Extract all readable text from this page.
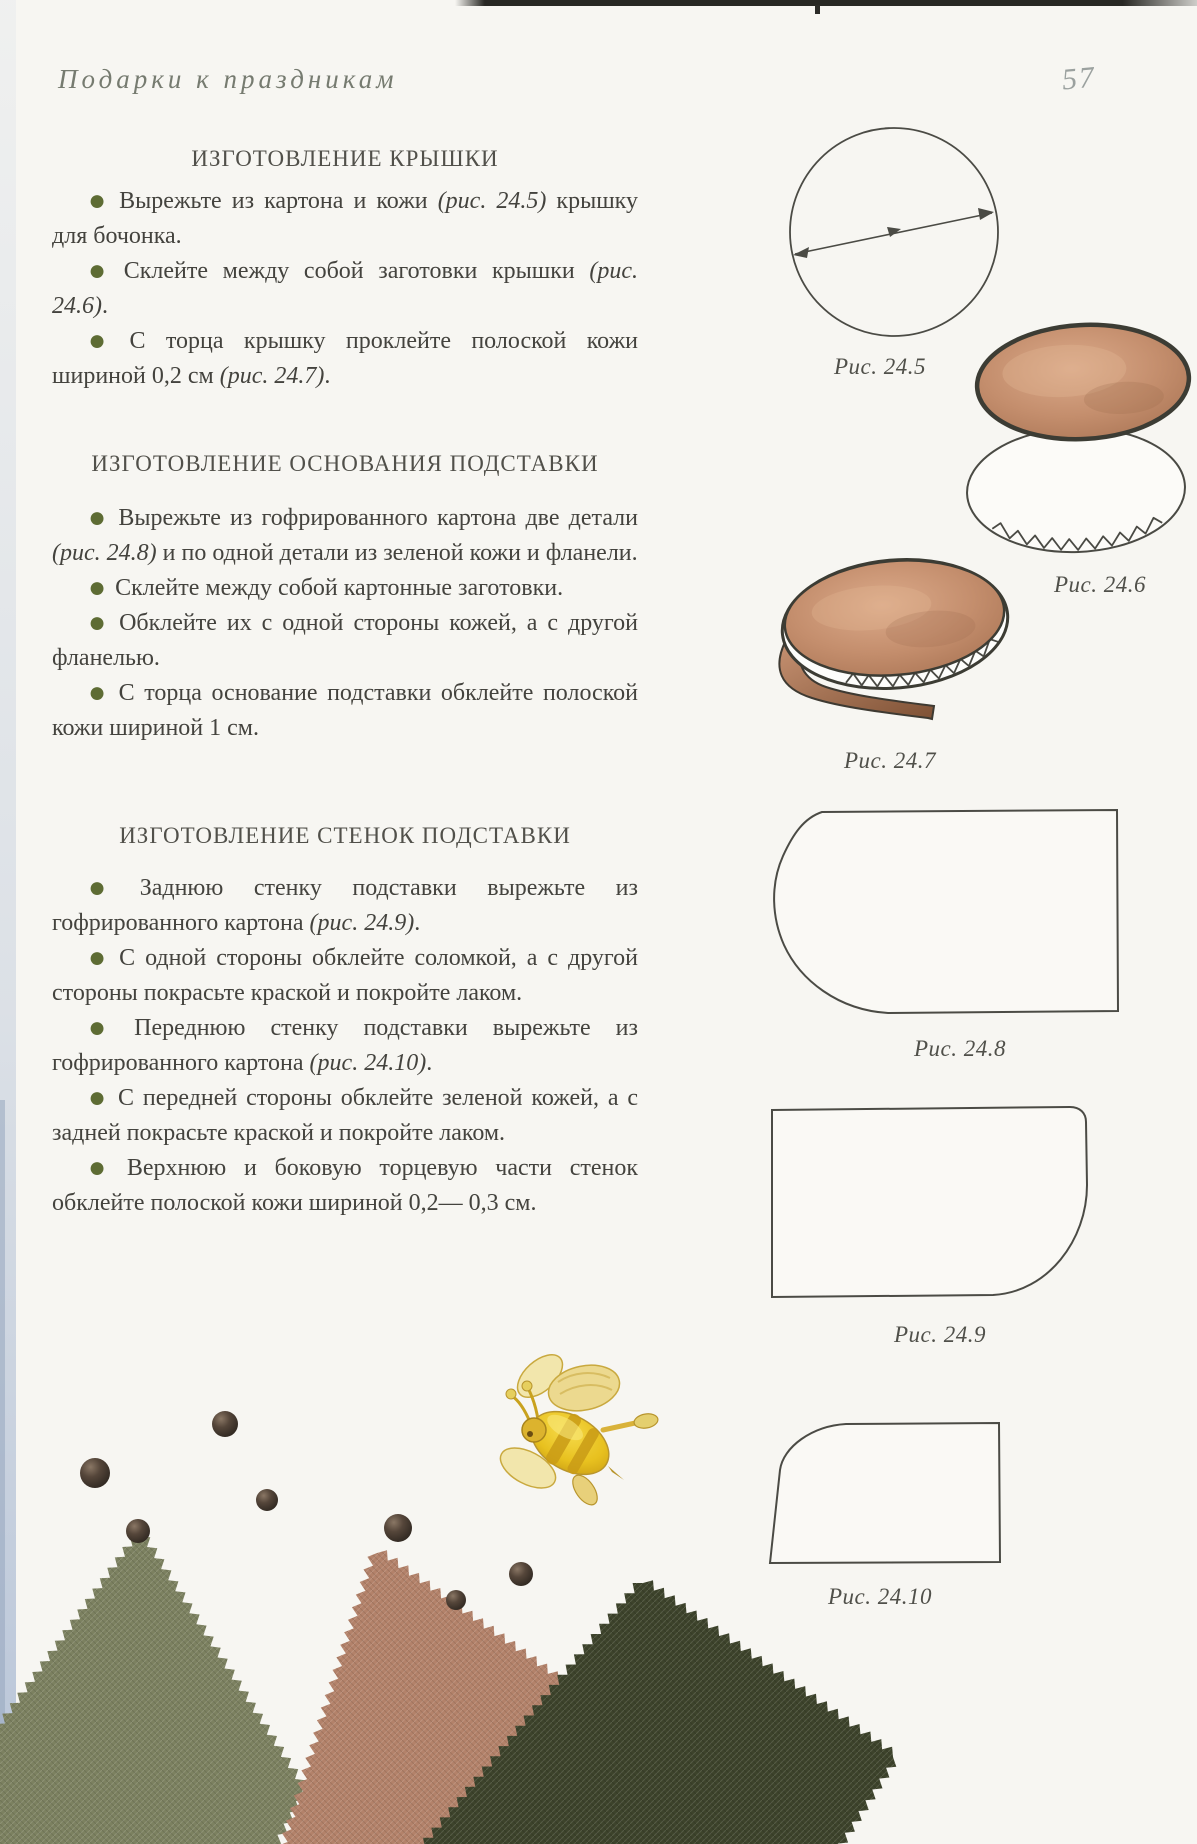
Подарки к праздникам	57
ИЗГОТОВЛЕНИЕ КРЫШКИ

● Вырежьте из картона и кожи (рис. 24.5) крышку для бочонка.

● Склейте между собой заготовки крышки (рис. 24.6).

● С торца крышку проклейте полоской кожи шириной 0,2 см (рис. 24.7).

ИЗГОТОВЛЕНИЕ ОСНОВАНИЯ ПОДСТАВКИ

● Вырежьте из гофрированного картона две детали (рис. 24.8) и по одной детали из зеленой кожи и фланели.

● Склейте между собой картонные заготовки.

● Обклейте их с одной стороны кожей, а с другой фланелью.

● С торца основание подставки обклейте полоской кожи шириной 1 см.

ИЗГОТОВЛЕНИЕ СТЕНОК ПОДСТАВКИ

● Заднюю стенку подставки вырежьте из гофрированного картона (рис. 24.9).

● С одной стороны обклейте соломкой, а с другой стороны покрасьте краской и покройте лаком.

● Переднюю стенку подставки вырежьте из гофрированного картона (рис. 24.10).

● С передней стороны обклейте зеленой кожей, а с задней покрасьте краской и покройте лаком.

● Верхнюю и боковую торцевую части стенок обклейте полоской кожи шириной 0,2— 0,3 см.

Рис. 24.5
Рис. 24.6
Рис. 24.7
Рис. 24.8
Рис. 24.9
Рис. 24.10
